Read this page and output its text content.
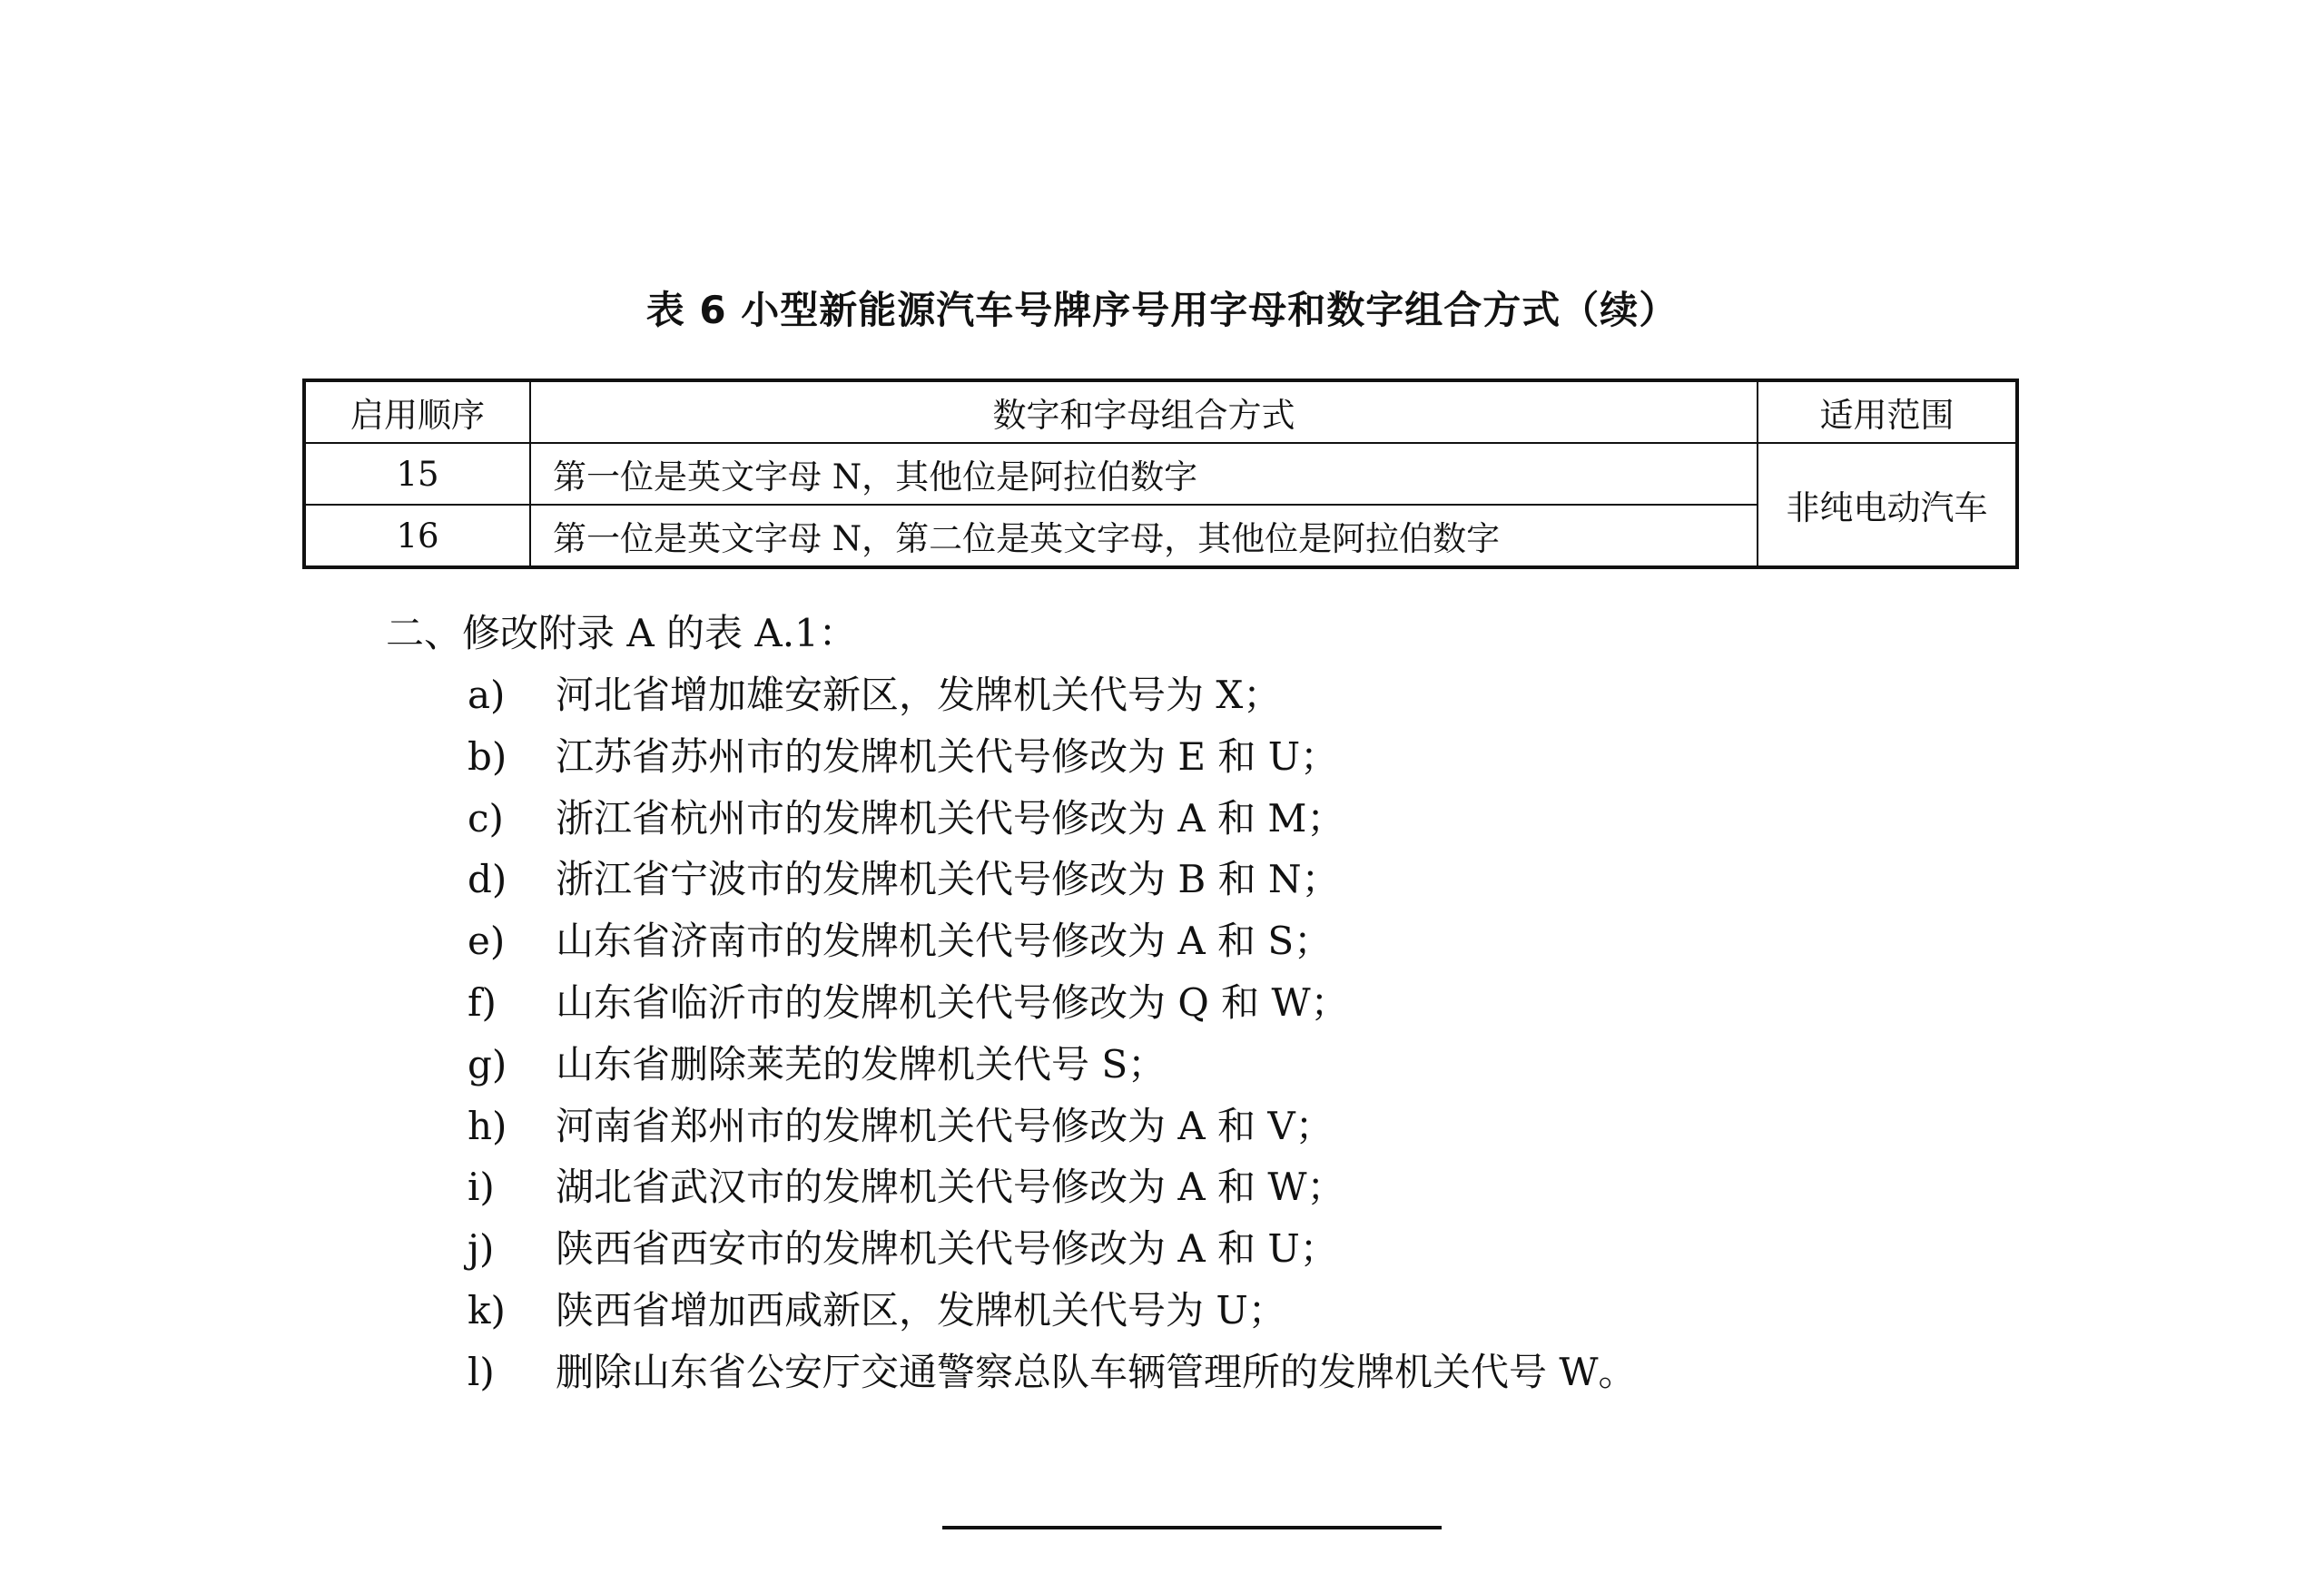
表 6 小型新能源汽车号牌序号用字母和数字组合方式（续）
启用顺序	数字和字母组合方式	适用范围
15	第一位是英文字母 N，其他位是阿拉伯数字	非纯电动汽车
16	第一位是英文字母 N，第二位是英文字母，其他位是阿拉伯数字	
二、修改附录 A 的表 A.1：
a) 河北省增加雄安新区，发牌机关代号为 X；
b) 江苏省苏州市的发牌机关代号修改为 E 和 U；
c) 浙江省杭州市的发牌机关代号修改为 A 和 M；
d) 浙江省宁波市的发牌机关代号修改为 B 和 N；
e) 山东省济南市的发牌机关代号修改为 A 和 S；
f) 山东省临沂市的发牌机关代号修改为 Q 和 W；
g) 山东省删除莱芜的发牌机关代号 S；
h) 河南省郑州市的发牌机关代号修改为 A 和 V；
i) 湖北省武汉市的发牌机关代号修改为 A 和 W；
j) 陕西省西安市的发牌机关代号修改为 A 和 U；
k) 陕西省增加西咸新区，发牌机关代号为 U；
l) 删除山东省公安厅交通警察总队车辆管理所的发牌机关代号 W。
